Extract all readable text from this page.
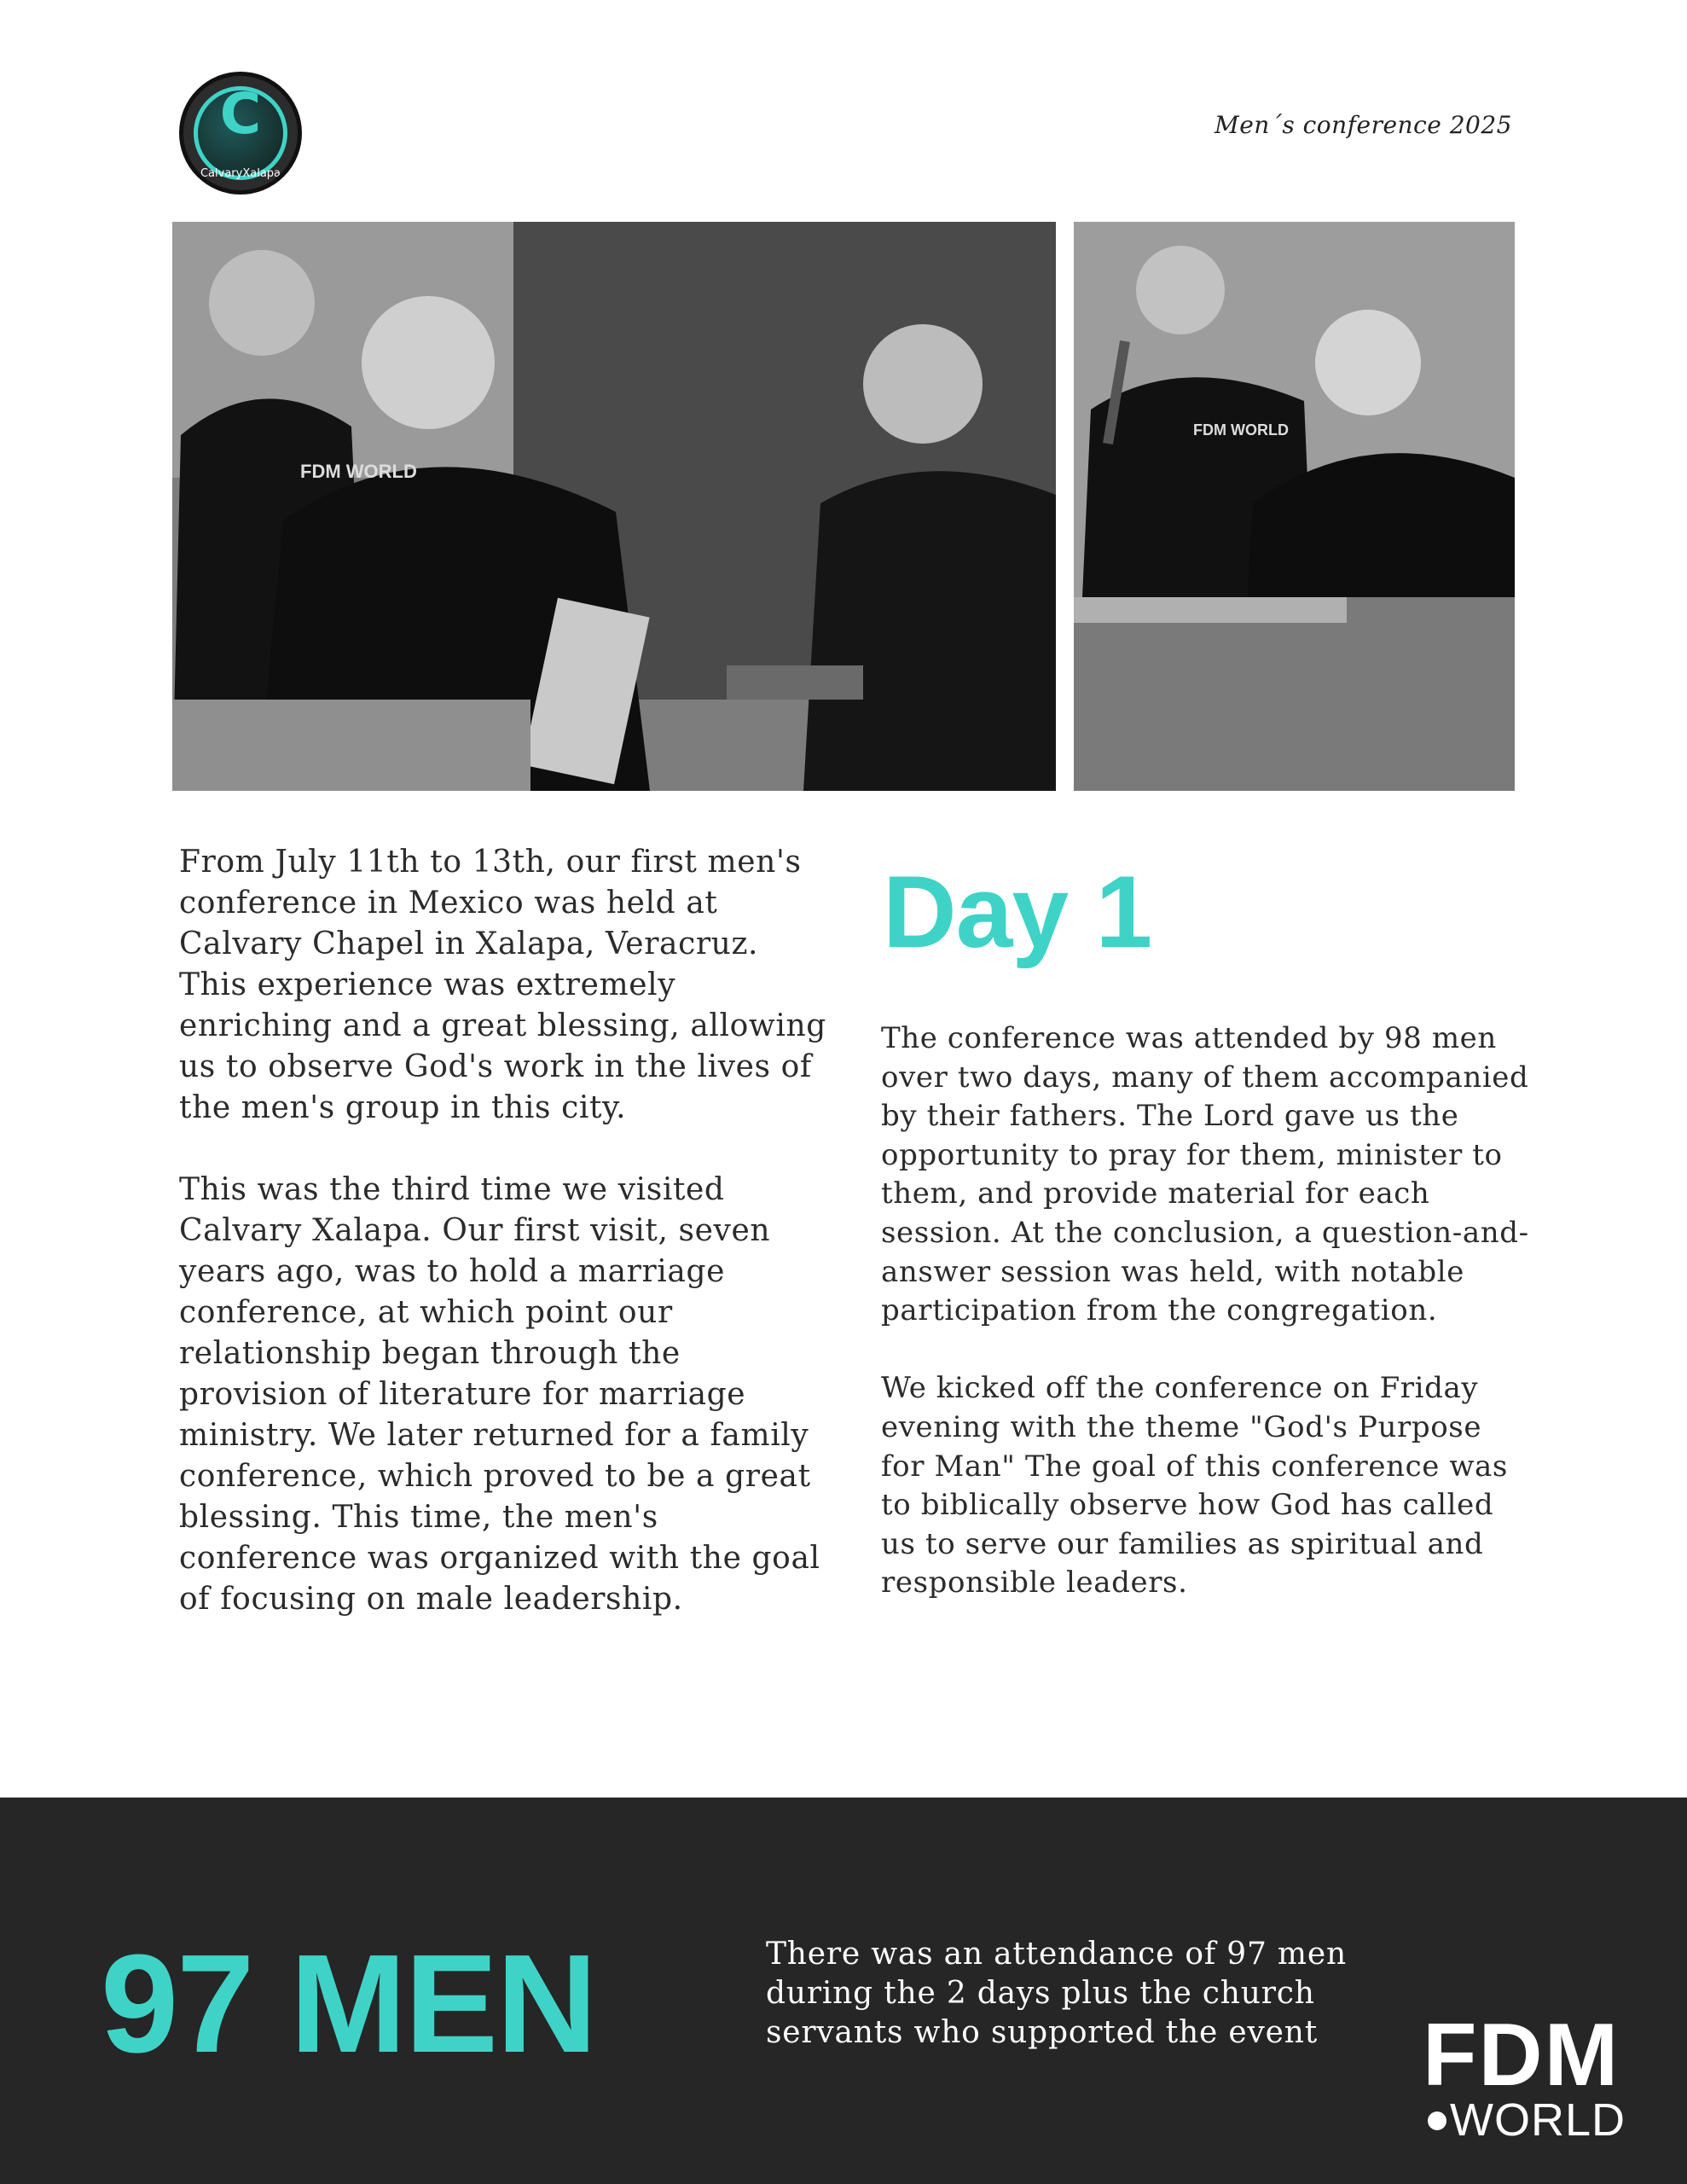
C
CalvaryXalapa
Men´s conference 2025
FDM WORLD
FDM WORLD
From July 11th to 13th, our first men's conference in Mexico was held at Calvary Chapel in Xalapa, Veracruz. This experience was extremely enriching and a great blessing, allowing us to observe God's work in the lives of the men's group in this city.

This was the third time we visited Calvary Xalapa. Our first visit, seven years ago, was to hold a marriage conference, at which point our relationship began through the provision of literature for marriage ministry. We later returned for a family conference, which proved to be a great blessing. This time, the men's conference was organized with the goal of focusing on male leadership.
Day 1
The conference was attended by 98 men over two days, many of them accompanied by their fathers. The Lord gave us the opportunity to pray for them, minister to them, and provide material for each session. At the conclusion, a question-and-answer session was held, with notable participation from the congregation.

We kicked off the conference on Friday evening with the theme "God's Purpose for Man" The goal of this conference was to biblically observe how God has called us to serve our families as spiritual and responsible leaders.
97 MEN	There was an attendance of 97 men
during the 2 days plus the church
servants who supported the event	FDM
WORLD
